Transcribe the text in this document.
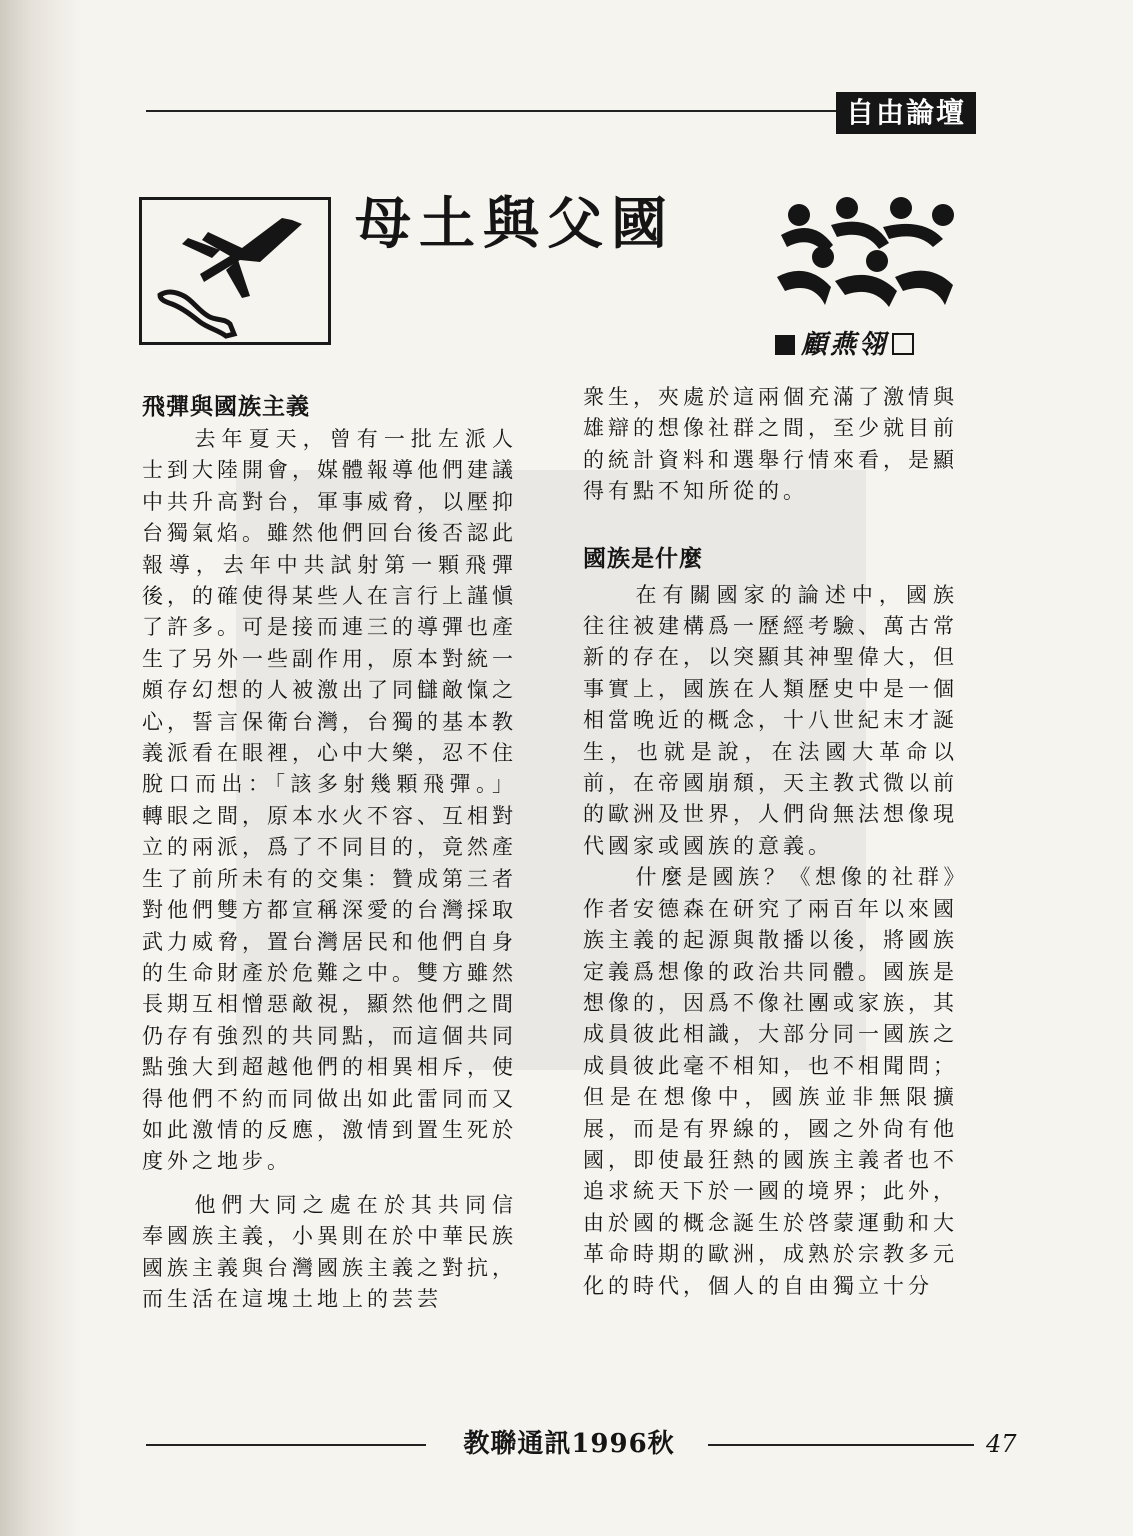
自由論壇
母土與父國
顧燕翎
飛彈與國族主義

去年夏天，曾有一批左派人士到大陸開會，媒體報導他們建議中共升高對台，軍事威脅，以壓抑台獨氣焰。雖然他們回台後否認此報導，去年中共試射第一顆飛彈後，的確使得某些人在言行上謹愼了許多。可是接而連三的導彈也產生了另外一些副作用，原本對統一頗存幻想的人被激出了同讎敵愾之心，誓言保衛台灣，台獨的基本教義派看在眼裡，心中大樂，忍不住脫口而出：「該多射幾顆飛彈。」轉眼之間，原本水火不容、互相對立的兩派，爲了不同目的，竟然產生了前所未有的交集：贊成第三者對他們雙方都宣稱深愛的台灣採取武力威脅，置台灣居民和他們自身的生命財產於危難之中。雙方雖然長期互相憎惡敵視，顯然他們之間仍存有強烈的共同點，而這個共同點強大到超越他們的相異相斥，使得他們不約而同做出如此雷同而又如此激情的反應，激情到置生死於度外之地步。

他們大同之處在於其共同信奉國族主義，小異則在於中華民族國族主義與台灣國族主義之對抗，而生活在這塊土地上的芸芸

衆生，夾處於這兩個充滿了激情與雄辯的想像社群之間，至少就目前的統計資料和選舉行情來看，是顯得有點不知所從的。

國族是什麼

在有關國家的論述中，國族往往被建構爲一歷經考驗、萬古常新的存在，以突顯其神聖偉大，但事實上，國族在人類歷史中是一個相當晚近的概念，十八世紀末才誕生，也就是說，在法國大革命以前，在帝國崩頹，天主教式微以前的歐洲及世界，人們尙無法想像現代國家或國族的意義。

什麼是國族？《想像的社群》作者安德森在研究了兩百年以來國族主義的起源與散播以後，將國族定義爲想像的政治共同體。國族是想像的，因爲不像社團或家族，其成員彼此相識，大部分同一國族之成員彼此毫不相知，也不相聞問；但是在想像中，國族並非無限擴展，而是有界線的，國之外尙有他國，即使最狂熱的國族主義者也不追求統天下於一國的境界；此外，由於國的概念誕生於啓蒙運動和大革命時期的歐洲，成熟於宗教多元化的時代，個人的自由獨立十分

教聯通訊1996秋	47
